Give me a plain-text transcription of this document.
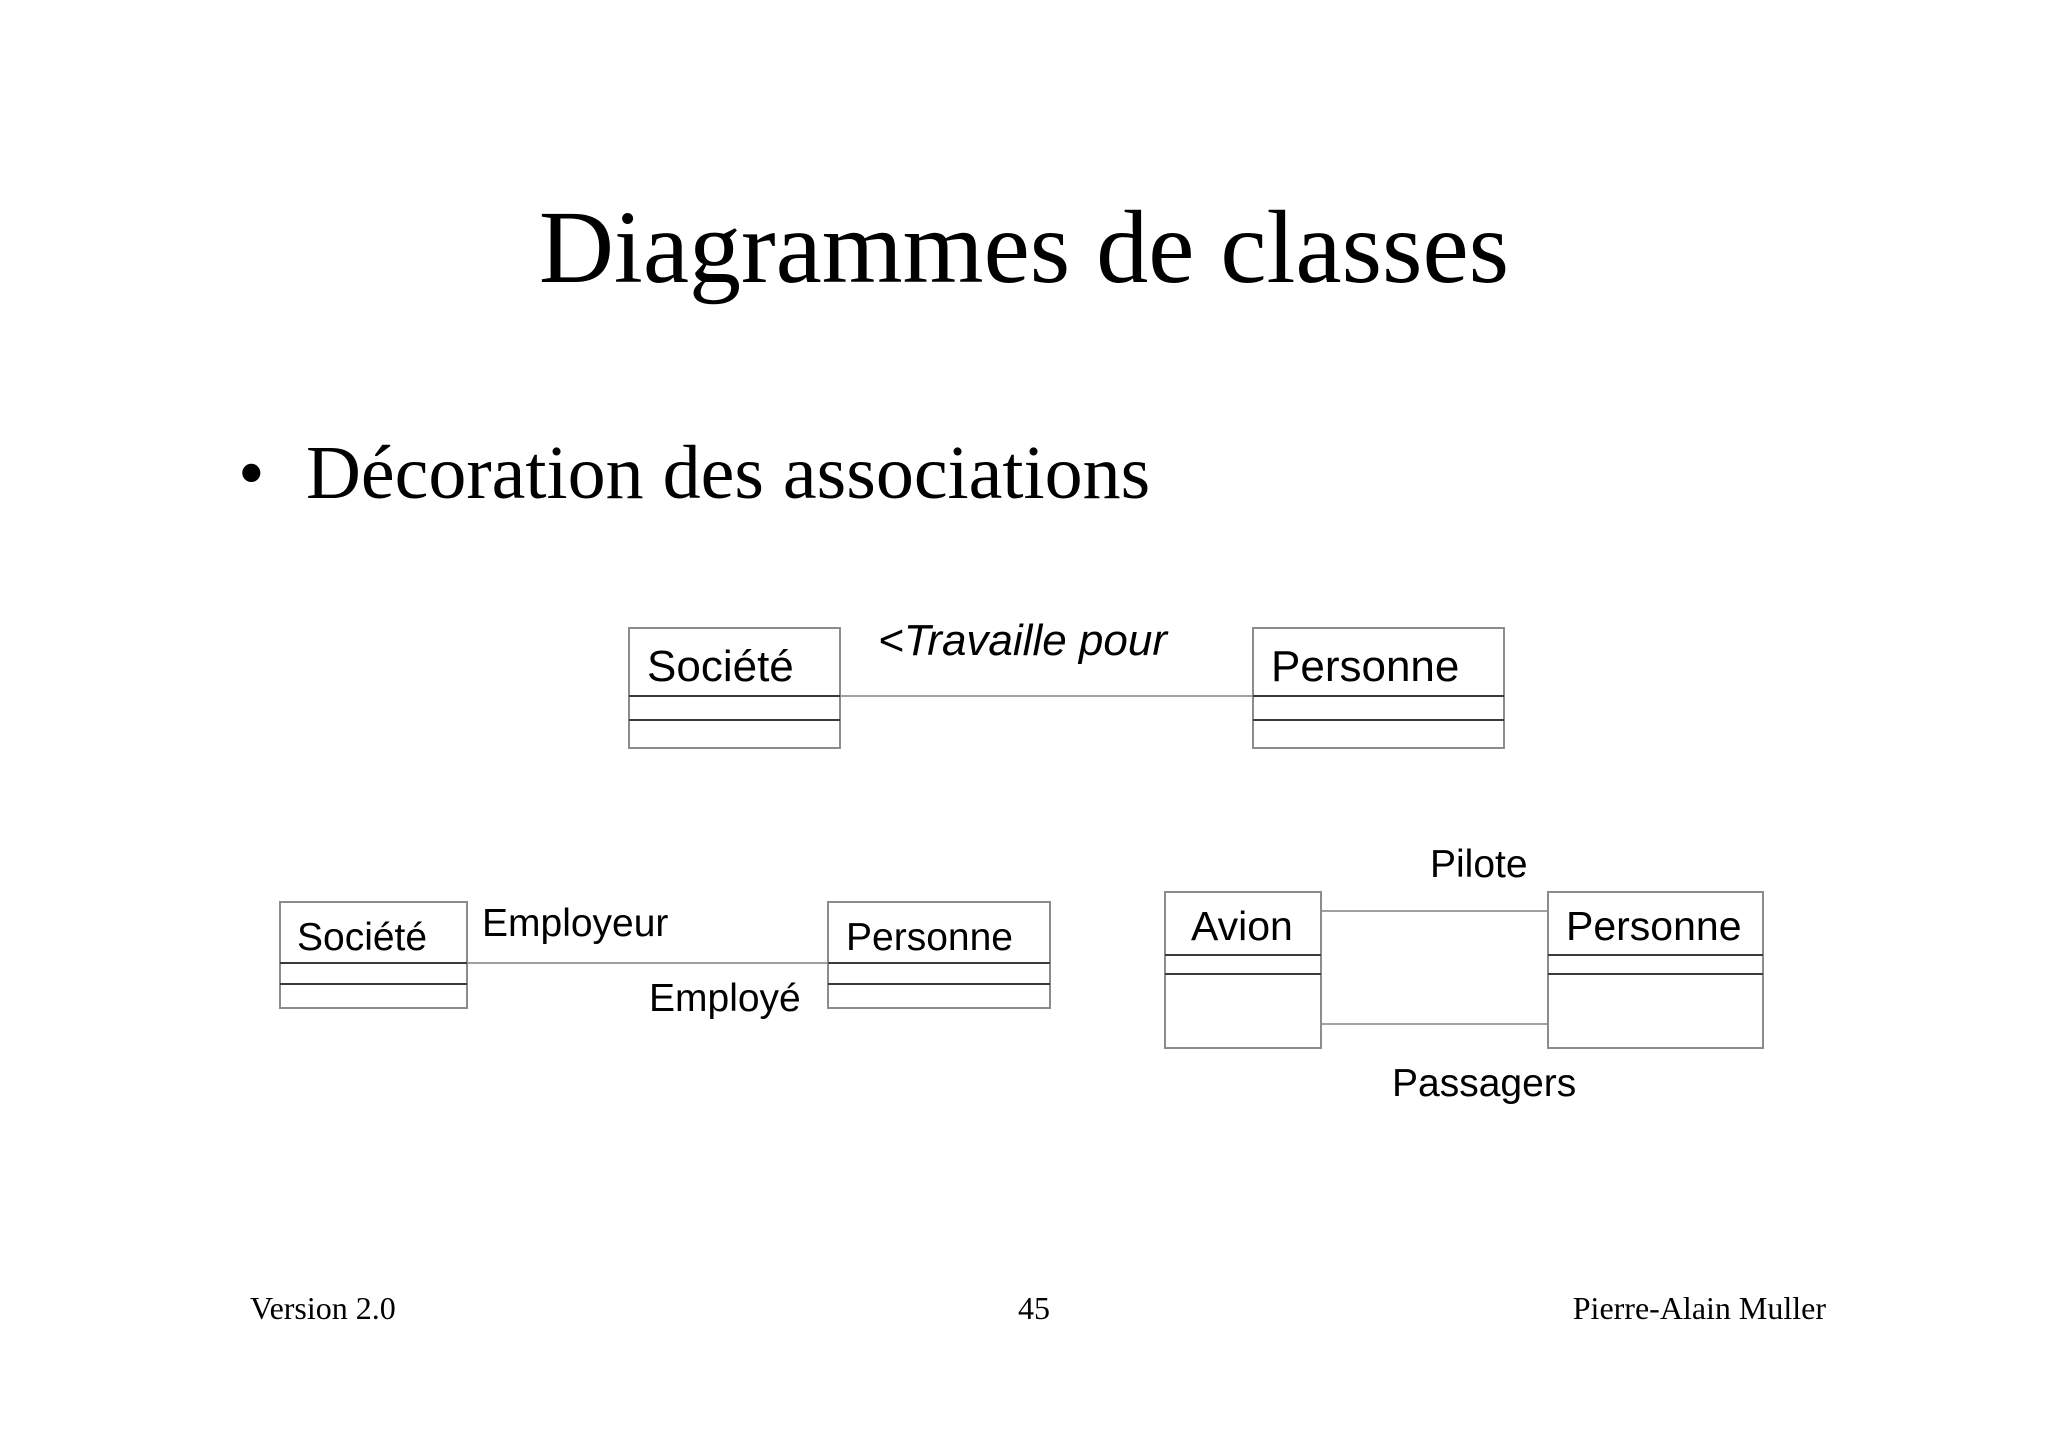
Diagrammes de classes
• Décoration des associations
Société	Personne
<Travaille pour
Société	Personne
Employeur
Employé
Avion	Personne
Pilote
Passagers
Version 2.0	45	Pierre-Alain Muller
